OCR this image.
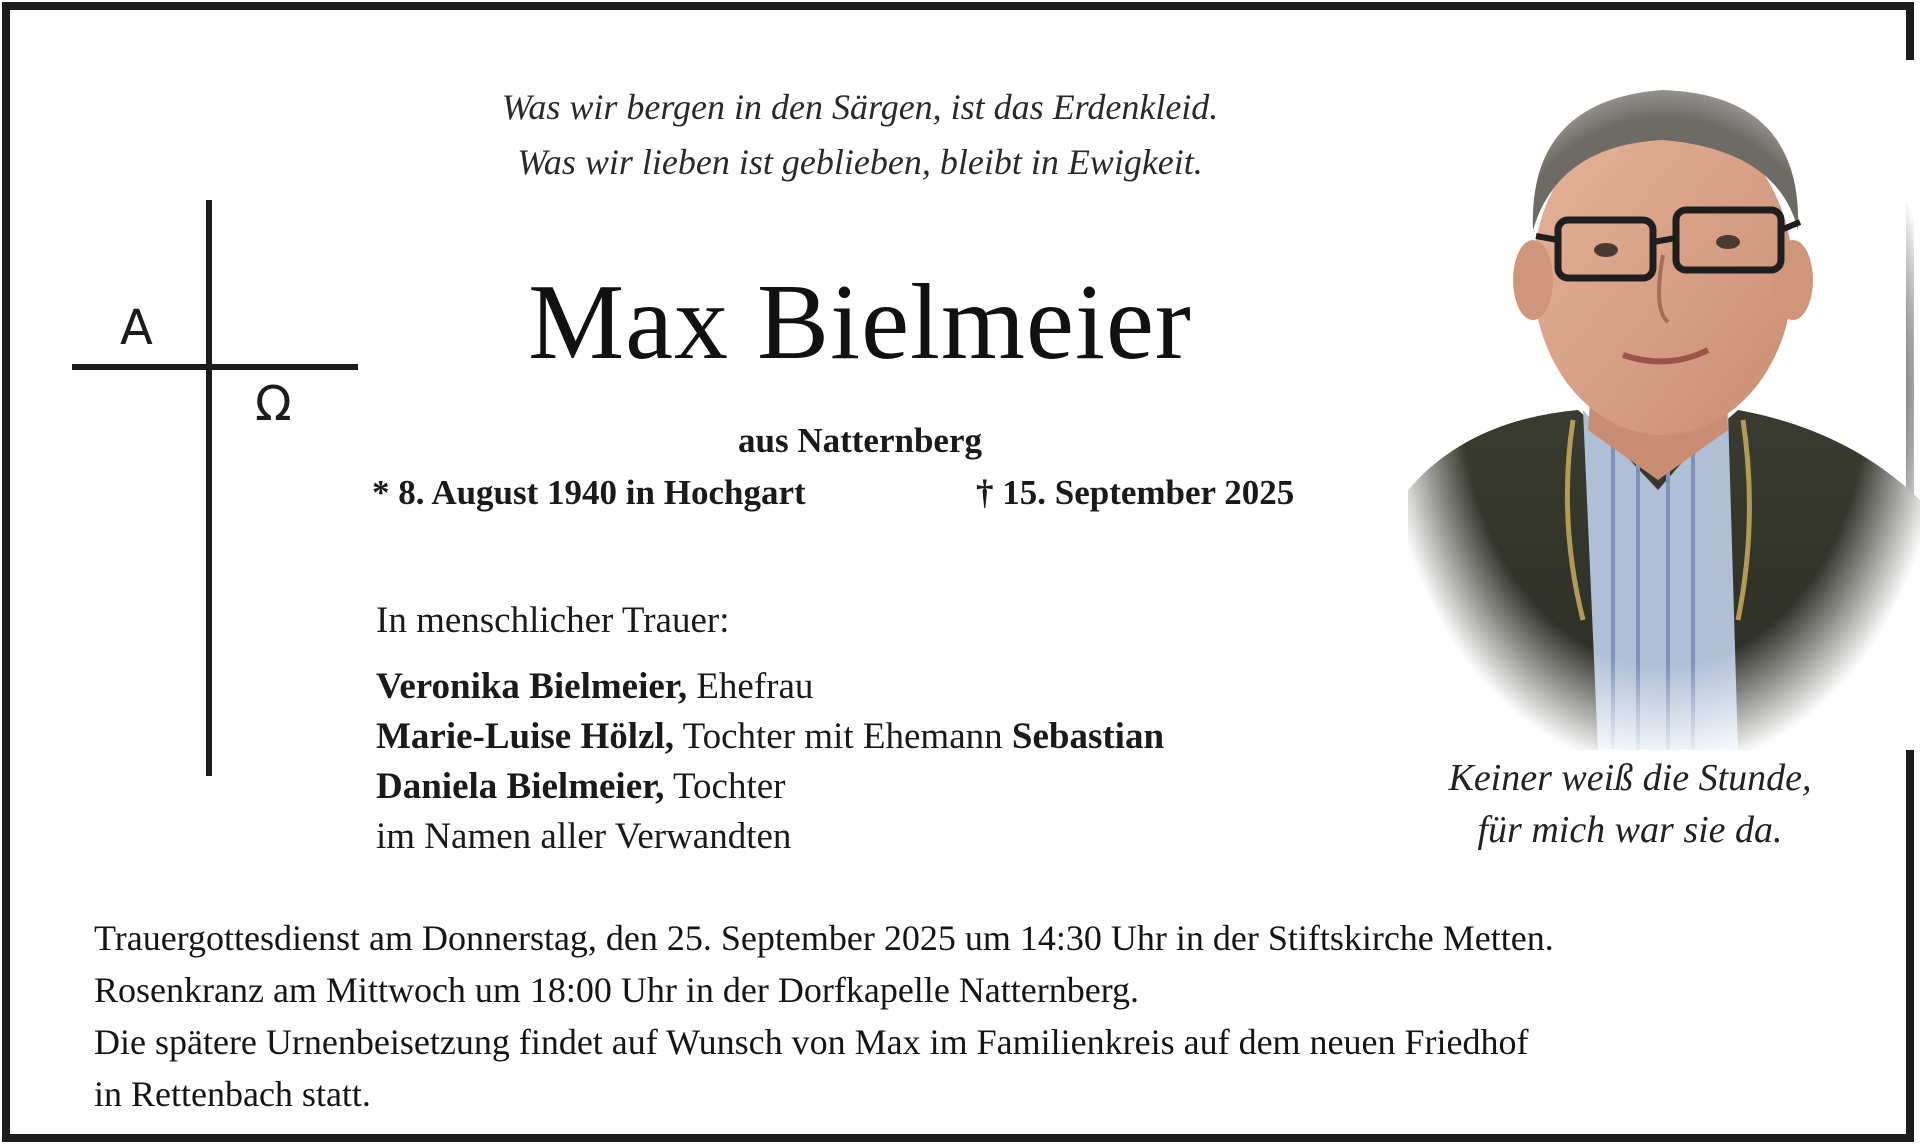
Was wir bergen in den Särgen, ist das Erdenkleid.
Was wir lieben ist geblieben, bleibt in Ewigkeit.
A
Ω
Max Bielmeier
aus Natternberg
* 8. August 1940 in Hochgart	† 15. September 2025
In menschlicher Trauer:
Veronika Bielmeier, Ehefrau
Marie-Luise Hölzl, Tochter mit Ehemann Sebastian
Daniela Bielmeier, Tochter
im Namen aller Verwandten
Keiner weiß die Stunde,
für mich war sie da.
Trauergottesdienst am Donnerstag, den 25. September 2025 um 14:30 Uhr in der Stiftskirche Metten.
Rosenkranz am Mittwoch um 18:00 Uhr in der Dorfkapelle Natternberg.
Die spätere Urnenbeisetzung findet auf Wunsch von Max im Familienkreis auf dem neuen Friedhof
in Rettenbach statt.
